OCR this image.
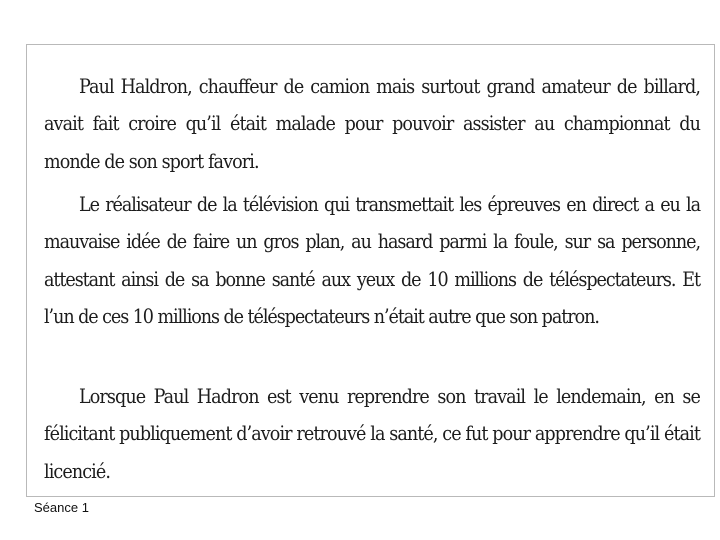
Paul Haldron, chauffeur de camion mais surtout grand amateur de billard, avait fait croire qu’il était malade pour pouvoir assister au championnat du monde de son sport favori.

Le réalisateur de la télévision qui transmettait les épreuves en direct a eu la mauvaise idée de faire un gros plan, au hasard parmi la foule, sur sa personne, attestant ainsi de sa bonne santé aux yeux de 10 millions de téléspectateurs. Et l’un de ces 10 millions de téléspectateurs n’était autre que son patron.

Lorsque Paul Hadron est venu reprendre son travail le lendemain, en se félicitant publiquement d’avoir retrouvé la santé, ce fut pour apprendre qu’il était licencié.

Séance 1
